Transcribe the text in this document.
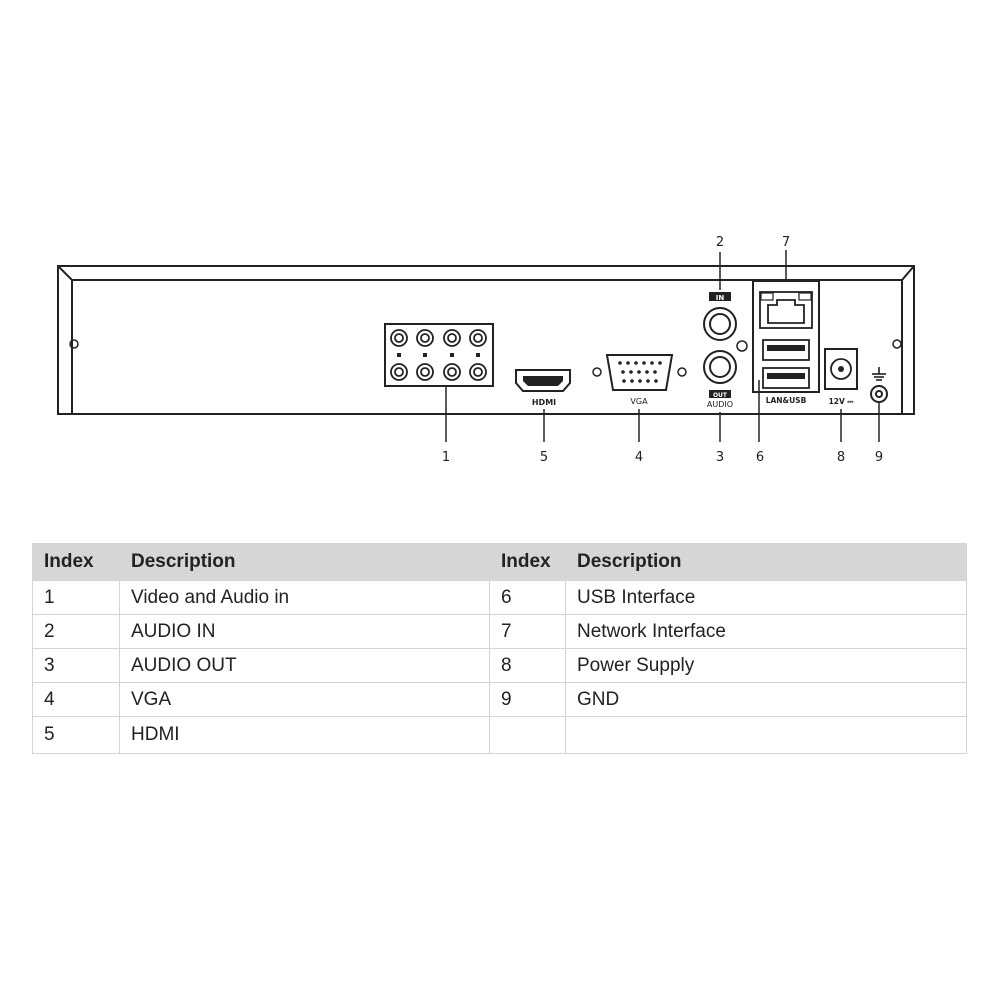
HDMI	VGA
IN
OUT
AUDIO	LAN&USB	12V ⎓
1
2
3
4
5	6
7
8 9
Index	Description	Index	Description
1	Video and Audio in	6	USB Interface
2	AUDIO IN	7	Network Interface
3	AUDIO OUT	8	Power Supply
4	VGA	9	GND
5	HDMI		
